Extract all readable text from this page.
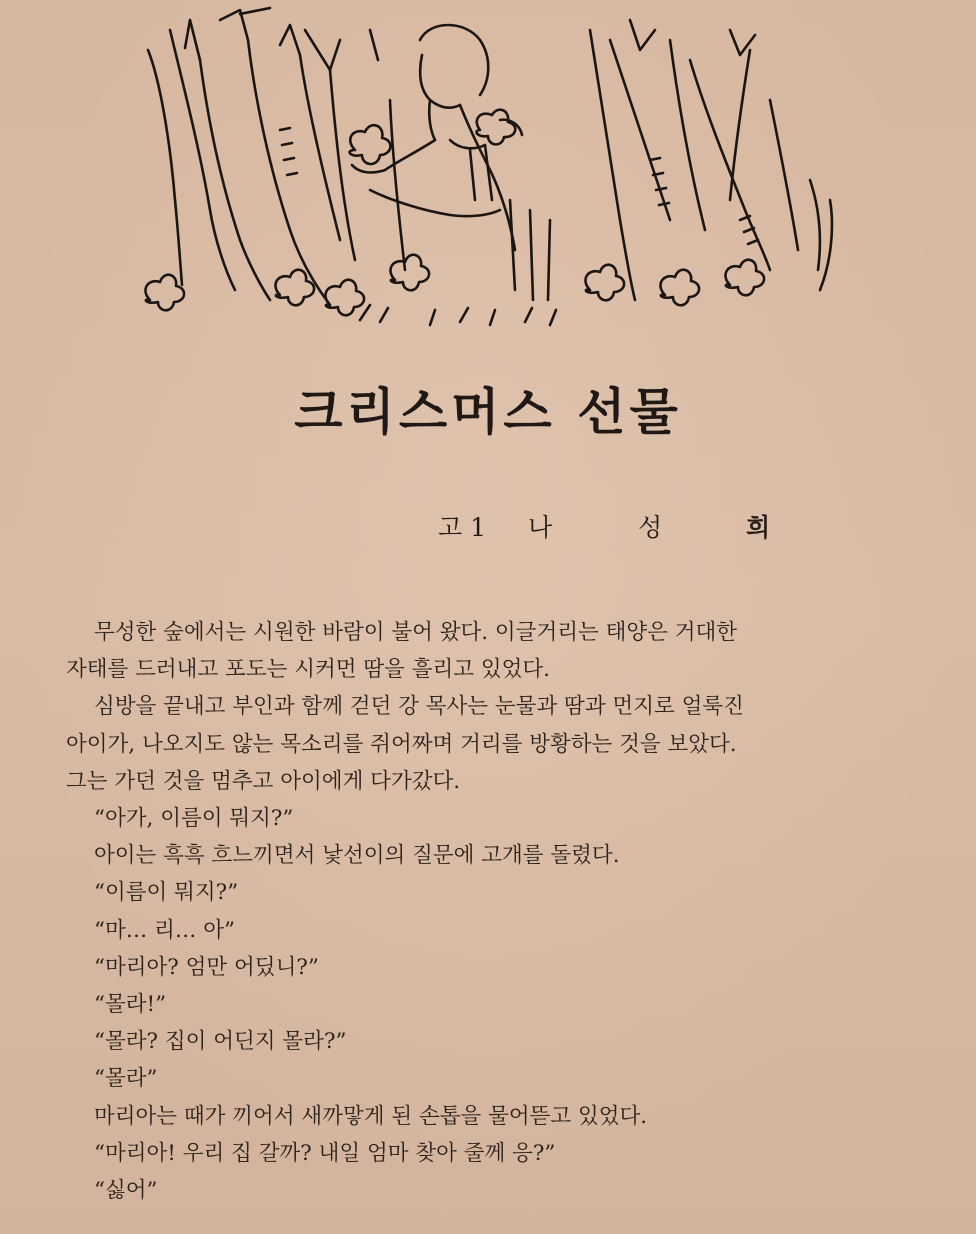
크리스머스 선물
고 1 나	성	희

무성한 숲에서는 시원한 바람이 불어 왔다. 이글거리는 태양은 거대한

자태를 드러내고 포도는 시커먼 땀을 흘리고 있었다.

심방을 끝내고 부인과 함께 걷던 강 목사는 눈물과 땀과 먼지로 얼룩진

아이가, 나오지도 않는 목소리를 쥐어짜며 거리를 방황하는 것을 보았다.

그는 가던 것을 멈추고 아이에게 다가갔다.

“아가, 이름이 뭐지?”

아이는 흑흑 흐느끼면서 낯선이의 질문에 고개를 돌렸다.

“이름이 뭐지?”

“마… 리… 아”

“마리아? 엄만 어딨니?”

“몰라!”

“몰라? 집이 어딘지 몰라?”

“몰라”

마리아는 때가 끼어서 새까맣게 된 손톱을 물어뜯고 있었다.

“마리아! 우리 집 갈까? 내일 엄마 찾아 줄께 응?”

“싫어”
